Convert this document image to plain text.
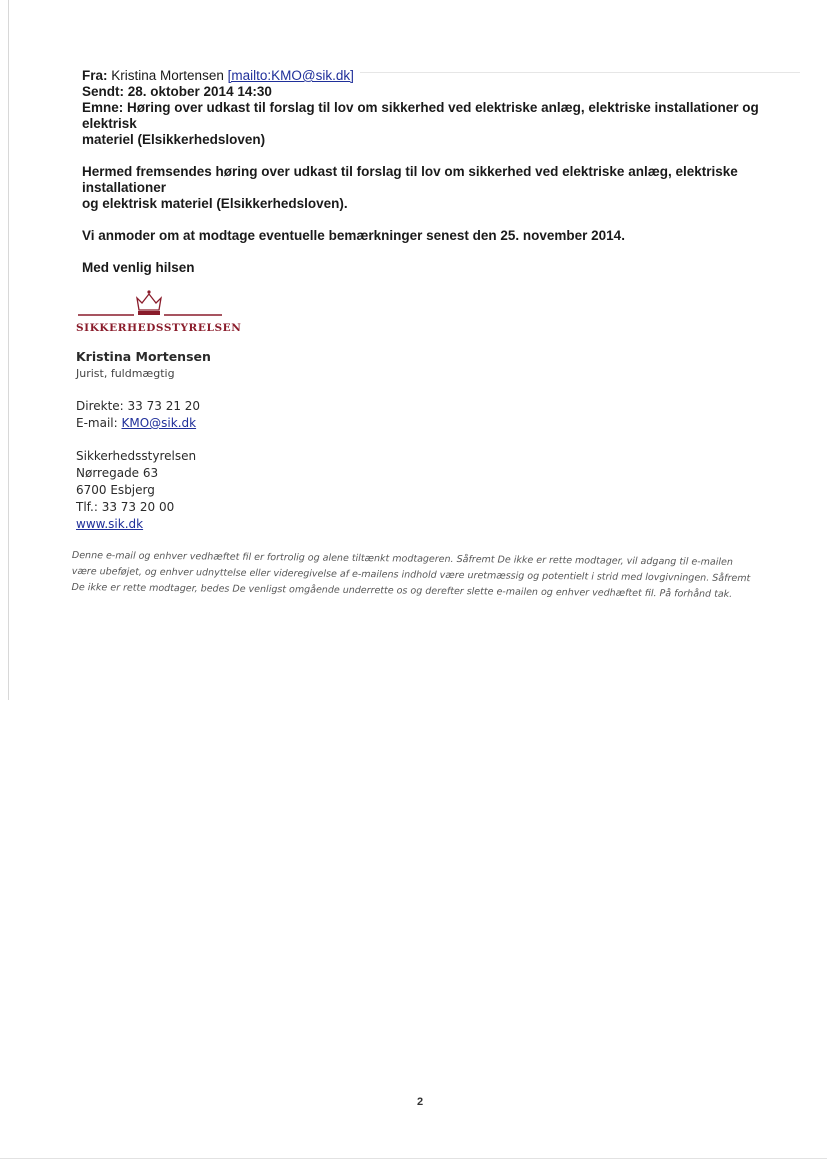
Fra: Kristina Mortensen [mailto:KMO@sik.dk]
Sendt: 28. oktober 2014 14:30
Emne: Høring over udkast til forslag til lov om sikkerhed ved elektriske anlæg, elektriske installationer og elektrisk
materiel (Elsikkerhedsloven)
Hermed fremsendes høring over udkast til forslag til lov om sikkerhed ved elektriske anlæg, elektriske installationer
og elektrisk materiel (Elsikkerhedsloven).
Vi anmoder om at modtage eventuelle bemærkninger senest den 25. november 2014.
Med venlig hilsen
SIKKERHEDSSTYRELSEN
Kristina Mortensen
Jurist, fuldmægtig
Direkte: 33 73 21 20
E-mail: KMO@sik.dk
Sikkerhedsstyrelsen
Nørregade 63
6700 Esbjerg
Tlf.: 33 73 20 00
www.sik.dk
Denne e-mail og enhver vedhæftet fil er fortrolig og alene tiltænkt modtageren. Såfremt De ikke er rette modtager, vil adgang til e-mailen
være ubeføjet, og enhver udnyttelse eller videregivelse af e-mailens indhold være uretmæssig og potentielt i strid med lovgivningen. Såfremt
De ikke er rette modtager, bedes De venligst omgående underrette os og derefter slette e-mailen og enhver vedhæftet fil. På forhånd tak.
2
